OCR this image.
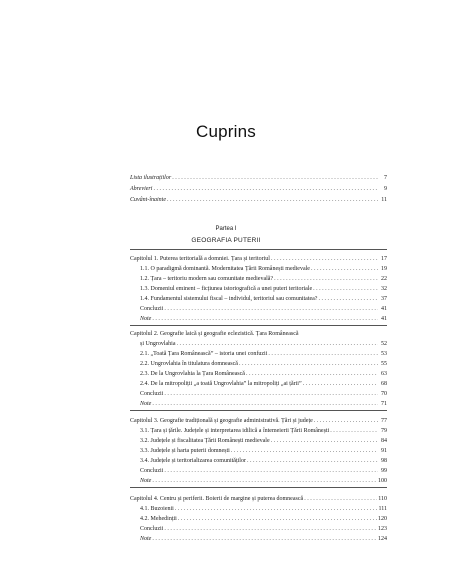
Cuprins
Lista ilustrațiilor . . .	7
Abrevieri . . .	9
Cuvânt-înainte . . .	11
Partea I
GEOGRAFIA PUTERII
Capitolul 1. Puterea teritorială a domniei. Țara și teritoriul . . .	17
1.1. O paradigmă dominantă. Modernitatea Țării Românești medievale . . .	19
1.2. Țara – teritoriu modern sau comunitate medievală? . . .	22
1.3. Domeniul eminent – ficțiunea istoriografică a unei puteri teritoriale . . .	32
1.4. Fundamentul sistemului fiscal – individul, teritoriul sau comunitatea? . . .	37
Concluzii . . .	41
Note . . .	41
Capitolul 2. Geografie laică și geografie eclezistică. Țara Românească
și Ungrovlahia . . .	52
2.1. „Toată Țara Românească” – istoria unei confuzii . . .	53
2.2. Ungrovlahia în titulatura domnească . . .	55
2.3. De la Ungrovlahia la Țara Românească . . .	63
2.4. De la mitropoliții „a toată Ungrovlahia” la mitropoliți „ai țării” . . .	68
Concluzii . . .	70
Note . . .	71
Capitolul 3. Geografie tradițională și geografie administrativă. Țări și județe . . .	77
3.1. Țara și țările. Județele și interpretarea idilică a întemeierii Țării Românești . . .	79
3.2. Județele și fiscalitatea Țării Românești medievale . . .	84
3.3. Județele și harta puterii domnești . . .	91
3.4. Județele și teritorializarea comunităților . . .	98
Concluzii . . .	99
Note . . .	100
Capitolul 4. Centru și periferii. Boierii de margine și puterea domnească . . .	110
4.1. Buzoienii . . .	111
4.2. Mehedinții . . .	120
Concluzii . . .	123
Note . . .	124
